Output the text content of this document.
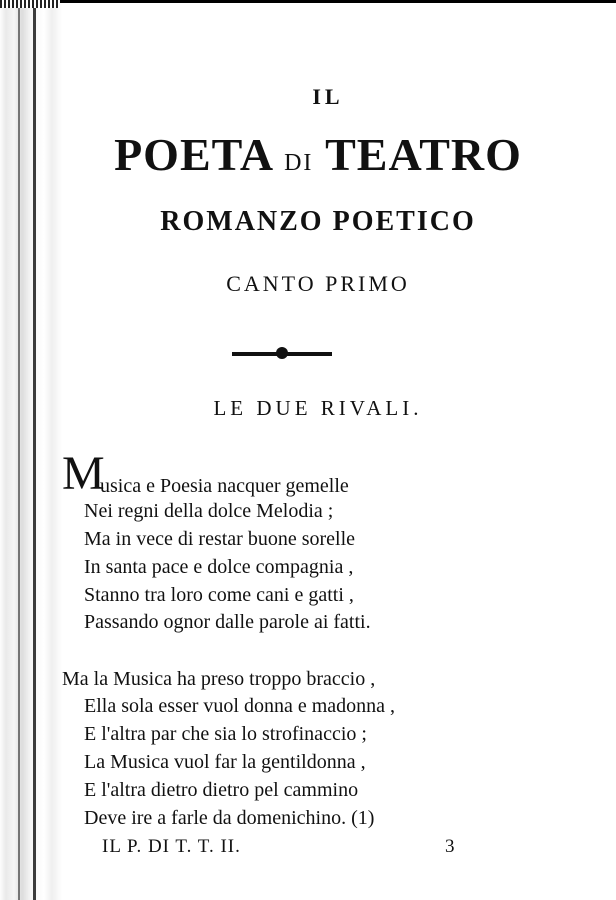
IL
POETA DI TEATRO
ROMANZO POETICO
CANTO PRIMO
LE DUE RIVALI.
M
usica e Poesia nacquer gemelle
Nei regni della dolce Melodia ;
Ma in vece di restar buone sorelle
In santa pace e dolce compagnia ,
Stanno tra loro come cani e gatti ,
Passando ognor dalle parole ai fatti.
Ma la Musica ha preso troppo braccio ,
Ella sola esser vuol donna e madonna ,
E l'altra par che sia lo strofinaccio ;
La Musica vuol far la gentildonna ,
E l'altra dietro dietro pel cammino
Deve ire a farle da domenichino. (1)
IL P. DI T. T. II.	3
